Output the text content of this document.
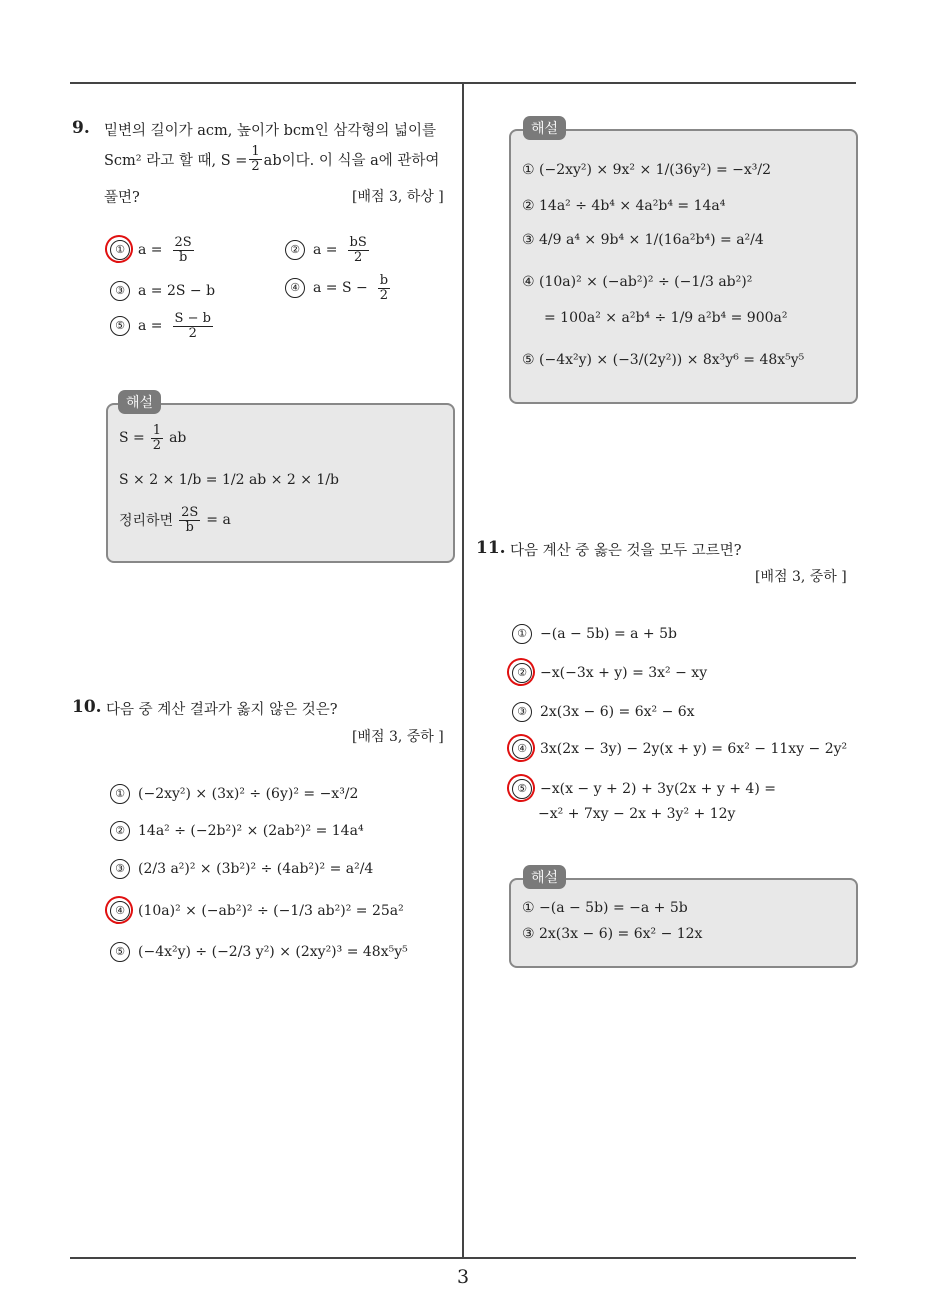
3
9. 밑변의 길이가 acm, 높이가 bcm인 삼각형의 넓이를
Scm² 라고 할 때, $S = \frac{1}{2}$ ab이다. 이 식을 a에 관하여
풀면?	[배점 3, 하상 ]
① $a = \frac{2S}{b}$	② $a = \frac{bS}{2}$
③ a = 2S − b	④ $a = S - \frac{b}{2}$
⑤ $a = \frac{S - b}{2}$
해설
$S = \frac{1}{2}$ ab
S × 2 × 1/b = 1/2 ab × 2 × 1/b
정리하면 $\frac{2S}{b} = a$
10. 다음 중 계산 결과가 옳지 않은 것은?
[배점 3, 중하 ]
① (−2xy²) × (3x)² ÷ (6y)² = −x³/2
② 14a² ÷ (−2b²)² × (2ab²)² = 14a⁴
③ (2/3 a²)² × (3b²)² ÷ (4ab²)² = a²/4
④ (10a)² × (−ab²)² ÷ (−1/3 ab²)² = 25a²
⑤ (−4x²y) ÷ (−2/3 y²) × (2xy²)³ = 48x⁵y⁵
해설
① (−2xy²) × 9x² × 1/(36y²) = −x³/2
② 14a² ÷ 4b⁴ × 4a²b⁴ = 14a⁴
③ 4/9 a⁴ × 9b⁴ × 1/(16a²b⁴) = a²/4
④ (10a)² × (−ab²)² ÷ (−1/3 ab²)²
= 100a² × a²b⁴ ÷ 1/9 a²b⁴ = 900a²
⑤ (−4x²y) × (−3/(2y²)) × 8x³y⁶ = 48x⁵y⁵
11. 다음 계산 중 옳은 것을 모두 고르면?
[배점 3, 중하 ]
① −(a − 5b) = a + 5b
② −x(−3x + y) = 3x² − xy
③ 2x(3x − 6) = 6x² − 6x
④ 3x(2x − 3y) − 2y(x + y) = 6x² − 11xy − 2y²
⑤ −x(x − y + 2) + 3y(2x + y + 4) =
−x² + 7xy − 2x + 3y² + 12y
해설
① −(a − 5b) = −a + 5b
③ 2x(3x − 6) = 6x² − 12x
